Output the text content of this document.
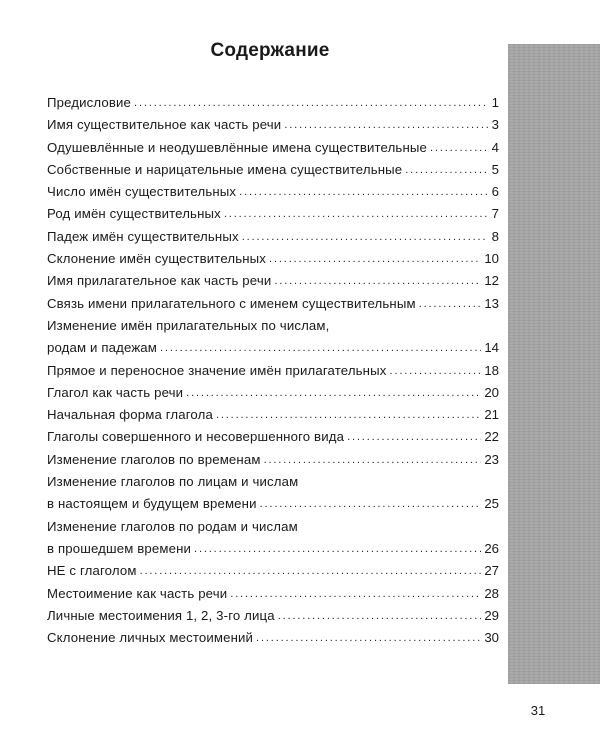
Содержание
Предисловие . . .	1
Имя существительное как часть речи . . .	3
Одушевлённые и неодушевлённые имена существительные . . .	4
Собственные и нарицательные имена существительные . . .	5
Число имён существительных . . .	6
Род имён существительных . . .	7
Падеж имён существительных . . .	8
Склонение имён существительных . . .	10
Имя прилагательное как часть речи . . .	12
Связь имени прилагательного с именем существительным . . .	13
Изменение имён прилагательных по числам,
родам и падежам . . .	14
Прямое и переносное значение имён прилагательных . . .	18
Глагол как часть речи . . .	20
Начальная форма глагола . . .	21
Глаголы совершенного и несовершенного вида . . .	22
Изменение глаголов по временам . . .	23
Изменение глаголов по лицам и числам
в настоящем и будущем времени . . .	25
Изменение глаголов по родам и числам
в прошедшем времени . . .	26
НЕ с глаголом . . .	27
Местоимение как часть речи . . .	28
Личные местоимения 1, 2, 3-го лица . . .	29
Склонение личных местоимений . . .	30
31
